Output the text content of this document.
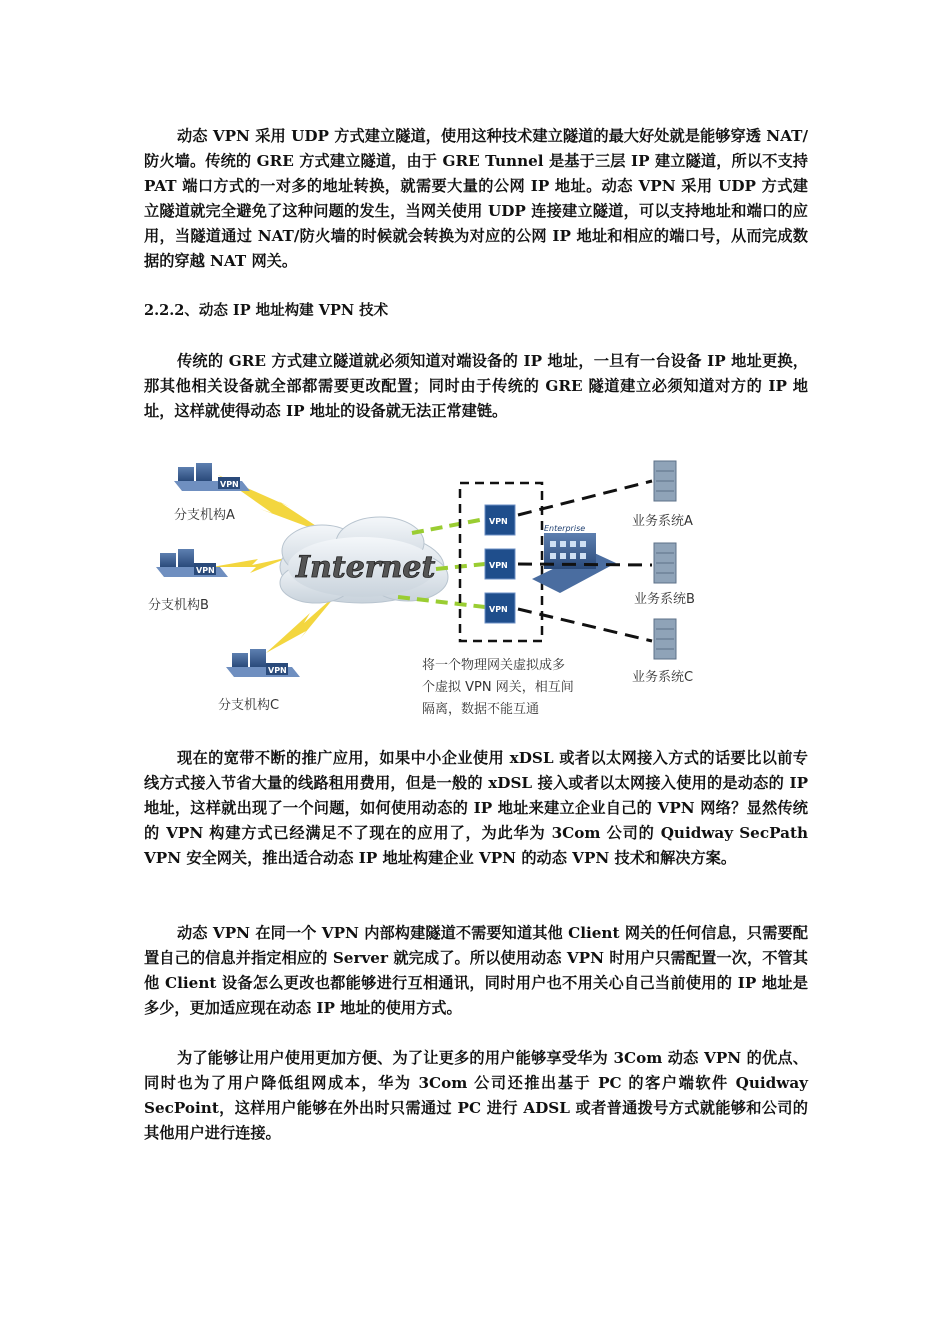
动态 VPN 采用 UDP 方式建立隧道，使用这种技术建立隧道的最大好处就是能够穿透 NAT/防火墙。传统的 GRE 方式建立隧道，由于 GRE Tunnel 是基于三层 IP 建立隧道，所以不支持 PAT 端口方式的一对多的地址转换，就需要大量的公网 IP 地址。动态 VPN 采用 UDP 方式建立隧道就完全避免了这种问题的发生，当网关使用 UDP 连接建立隧道，可以支持地址和端口的应用，当隧道通过 NAT/防火墙的时候就会转换为对应的公网 IP 地址和相应的端口号，从而完成数据的穿越 NAT 网关。

2.2.2、动态 IP 地址构建 VPN 技术

传统的 GRE 方式建立隧道就必须知道对端设备的 IP 地址，一旦有一台设备 IP 地址更换，那其他相关设备就全部都需要更改配置；同时由于传统的 GRE 隧道建立必须知道对方的 IP 地址，这样就使得动态 IP 地址的设备就无法正常建链。

Internet
VPN
分支机构A
VPN
分支机构B
VPN
分支机构C
VPN
VPN
VPN
Enterprise	业务系统A
业务系统B
业务系统C
将一个物理网关虚拟成多
个虚拟 VPN 网关，相互间
隔离，数据不能互通

现在的宽带不断的推广应用，如果中小企业使用 xDSL 或者以太网接入方式的话要比以前专线方式接入节省大量的线路租用费用，但是一般的 xDSL 接入或者以太网接入使用的是动态的 IP 地址，这样就出现了一个问题，如何使用动态的 IP 地址来建立企业自己的 VPN 网络？显然传统的 VPN 构建方式已经满足不了现在的应用了，为此华为 3Com 公司的 Quidway SecPath VPN 安全网关，推出适合动态 IP 地址构建企业 VPN 的动态 VPN 技术和解决方案。

动态 VPN 在同一个 VPN 内部构建隧道不需要知道其他 Client 网关的任何信息，只需要配置自己的信息并指定相应的 Server 就完成了。所以使用动态 VPN 时用户只需配置一次，不管其他 Client 设备怎么更改也都能够进行互相通讯，同时用户也不用关心自己当前使用的 IP 地址是多少，更加适应现在动态 IP 地址的使用方式。

为了能够让用户使用更加方便、为了让更多的用户能够享受华为 3Com 动态 VPN 的优点、同时也为了用户降低组网成本，华为 3Com 公司还推出基于 PC 的客户端软件 Quidway SecPoint，这样用户能够在外出时只需通过 PC 进行 ADSL 或者普通拨号方式就能够和公司的其他用户进行连接。
